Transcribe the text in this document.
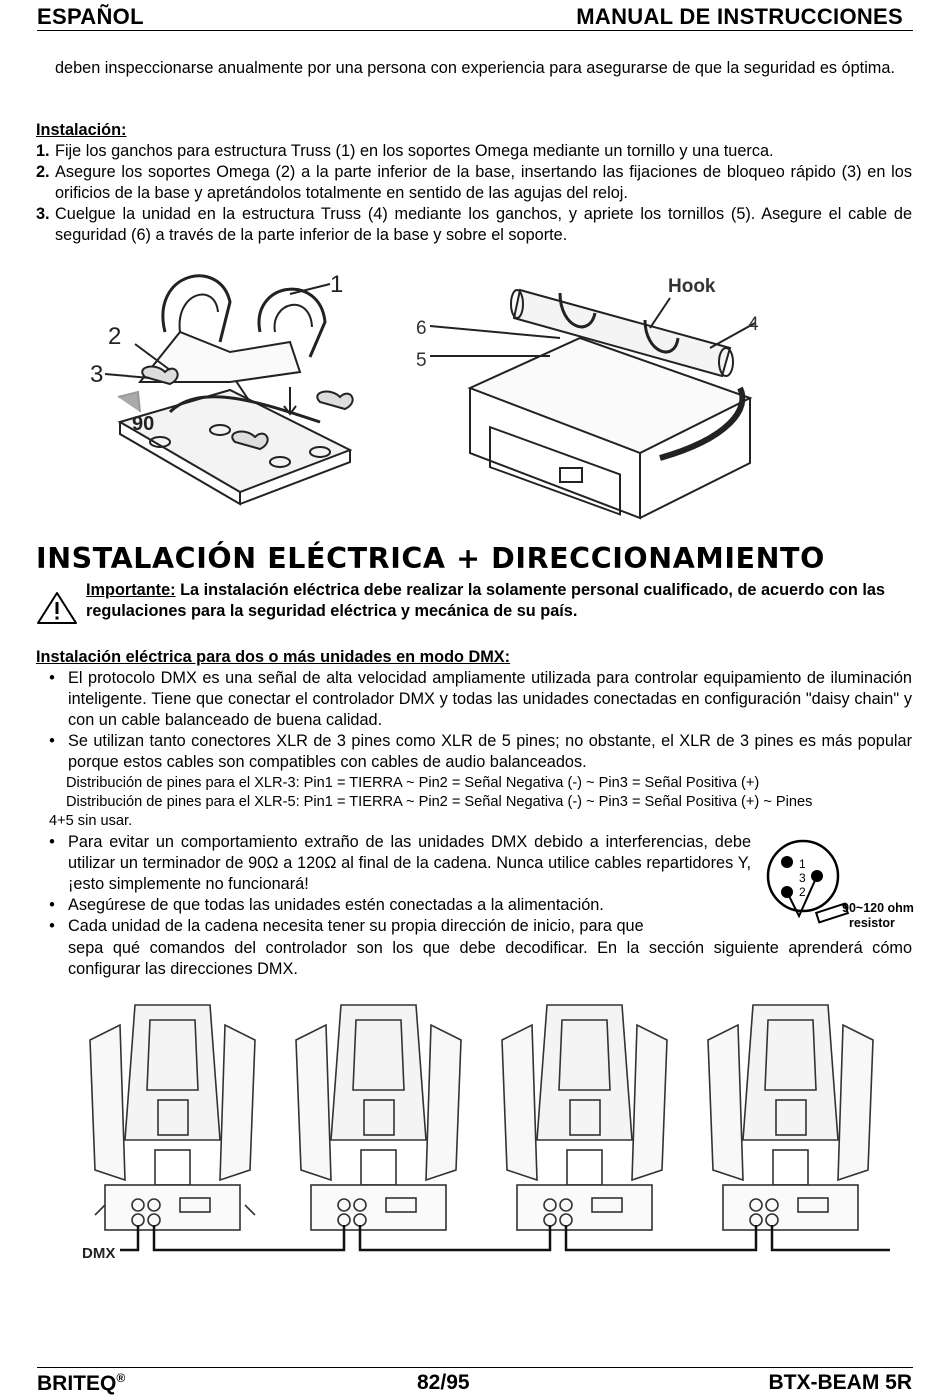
ESPAÑOL	MANUAL DE INSTRUCCIONES
deben inspeccionarse anualmente por una persona con experiencia para asegurarse de que la seguridad es óptima.
Instalación:
1. Fije los ganchos para estructura Truss (1) en los soportes Omega mediante un tornillo y una tuerca.
2. Asegure los soportes Omega (2) a la parte inferior de la base, insertando las fijaciones de bloqueo rápido (3) en los orificios de la base y apretándolos totalmente en sentido de las agujas del reloj.
3. Cuelgue la unidad en la estructura Truss (4) mediante los ganchos, y apriete los tornillos (5). Asegure el cable de seguridad (6) a través de la parte inferior de la base y sobre el soporte.
1
2
3
90
Hook
4
6
5
INSTALACIÓN ELÉCTRICA + DIRECCIONAMIENTO
Importante: La instalación eléctrica debe realizar la solamente personal cualificado, de acuerdo con las regulaciones para la seguridad eléctrica y mecánica de su país.
Instalación eléctrica para dos o más unidades en modo DMX:
• El protocolo DMX es una señal de alta velocidad ampliamente utilizada para controlar equipamiento de iluminación inteligente. Tiene que conectar el controlador DMX y todas las unidades conectadas en configuración "daisy chain" y con un cable balanceado de buena calidad.
• Se utilizan tanto conectores XLR de 3 pines como XLR de 5 pines; no obstante, el XLR de 3 pines es más popular porque estos cables son compatibles con cables de audio balanceados.
Distribución de pines para el XLR-3: Pin1 = TIERRA ~ Pin2 = Señal Negativa (-) ~ Pin3 = Señal Positiva (+)
Distribución de pines para el XLR-5: Pin1 = TIERRA ~ Pin2 = Señal Negativa (-) ~ Pin3 = Señal Positiva (+) ~ Pines
4+5 sin usar.
• Para evitar un comportamiento extraño de las unidades DMX debido a interferencias, debe utilizar un terminador de 90Ω a 120Ω al final de la cadena. Nunca utilice cables repartidores Y, ¡esto simplemente no funcionará!
• Asegúrese de que todas las unidades estén conectadas a la alimentación.
• Cada unidad de la cadena necesita tener su propia dirección de inicio, para que
sepa qué comandos del controlador son los que debe decodificar. En la sección siguiente aprenderá cómo configurar las direcciones DMX.
1
3
2
90~120 ohm
resistor
DMX
BRITEQ®	82/95	BTX-BEAM 5R
